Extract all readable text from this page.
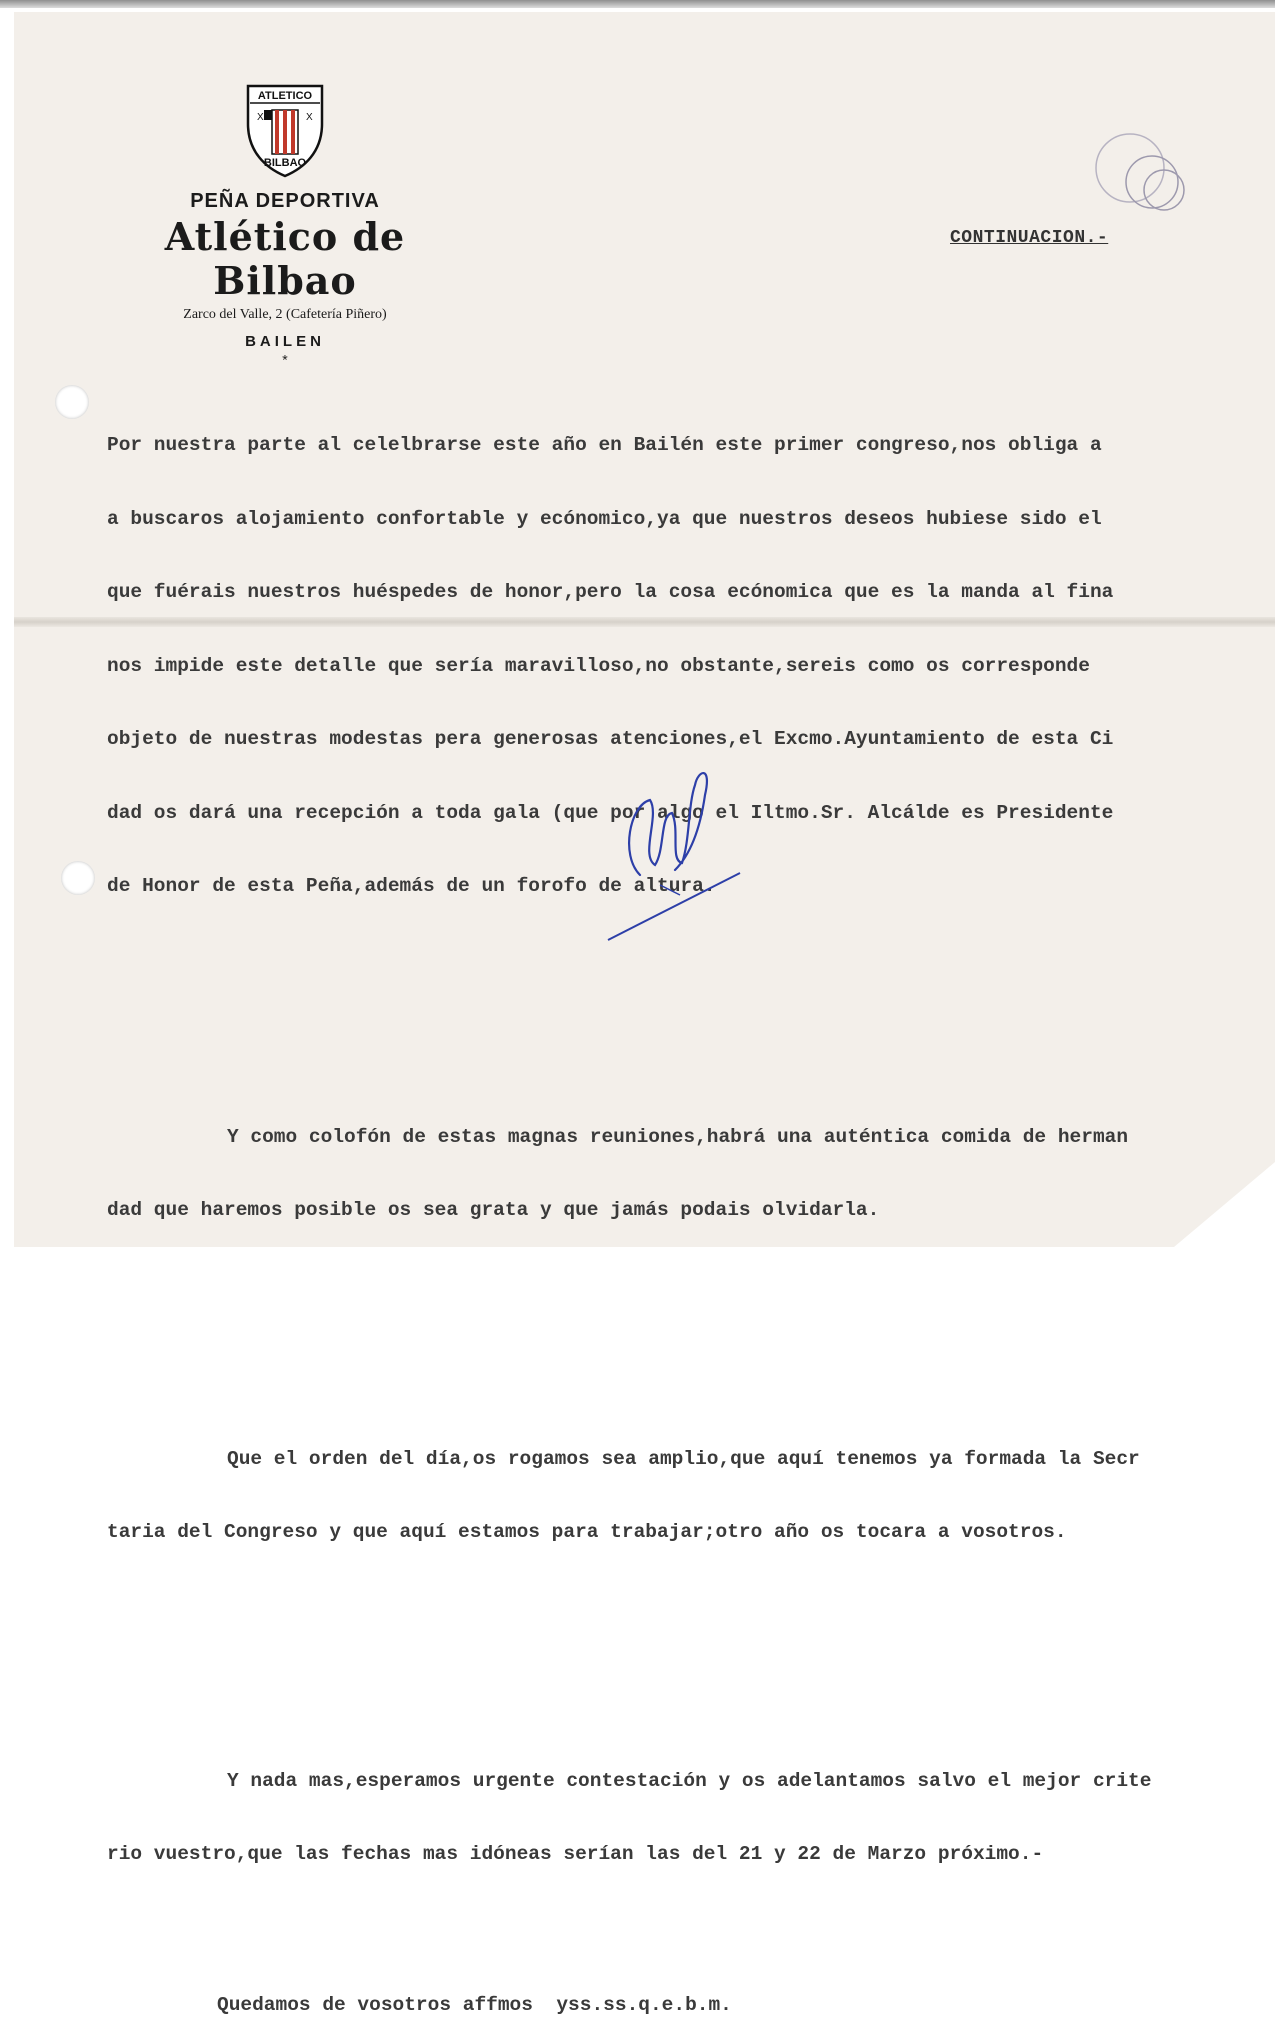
ATLETICO
X	X
BILBAO
PEÑA DEPORTIVA
Atlético de Bilbao
Zarco del Valle, 2 (Cafetería Piñero)
BAILEN
*
CONTINUACION.-

Por nuestra parte al celelbrarse este año en Bailén este primer congreso,nos obliga a

a buscaros alojamiento confortable y ecónomico,ya que nuestros deseos hubiese sido el

que fuérais nuestros huéspedes de honor,pero la cosa ecónomica que es la manda al fina

nos impide este detalle que sería maravilloso,no obstante,sereis como os corresponde

objeto de nuestras modestas pera generosas atenciones,el Excmo.Ayuntamiento de esta Ci

dad os dará una recepción a toda gala (que por algo el Iltmo.Sr. Alcálde es Presidente

de Honor de esta Peña,además de un forofo de altura.

Y como colofón de estas magnas reuniones,habrá una auténtica comida de herman

dad que haremos posible os sea grata y que jamás podais olvidarla.

Que el orden del día,os rogamos sea amplio,que aquí tenemos ya formada la Secr

taria del Congreso y que aquí estamos para trabajar;otro año os tocara a vosotros.

Y nada mas,esperamos urgente contestación y os adelantamos salvo el mejor crite

rio vuestro,que las fechas mas idóneas serían las del 21 y 22 de Marzo próximo.-

Quedamos de vosotros affmos  yss.ss.q.e.b.m.
